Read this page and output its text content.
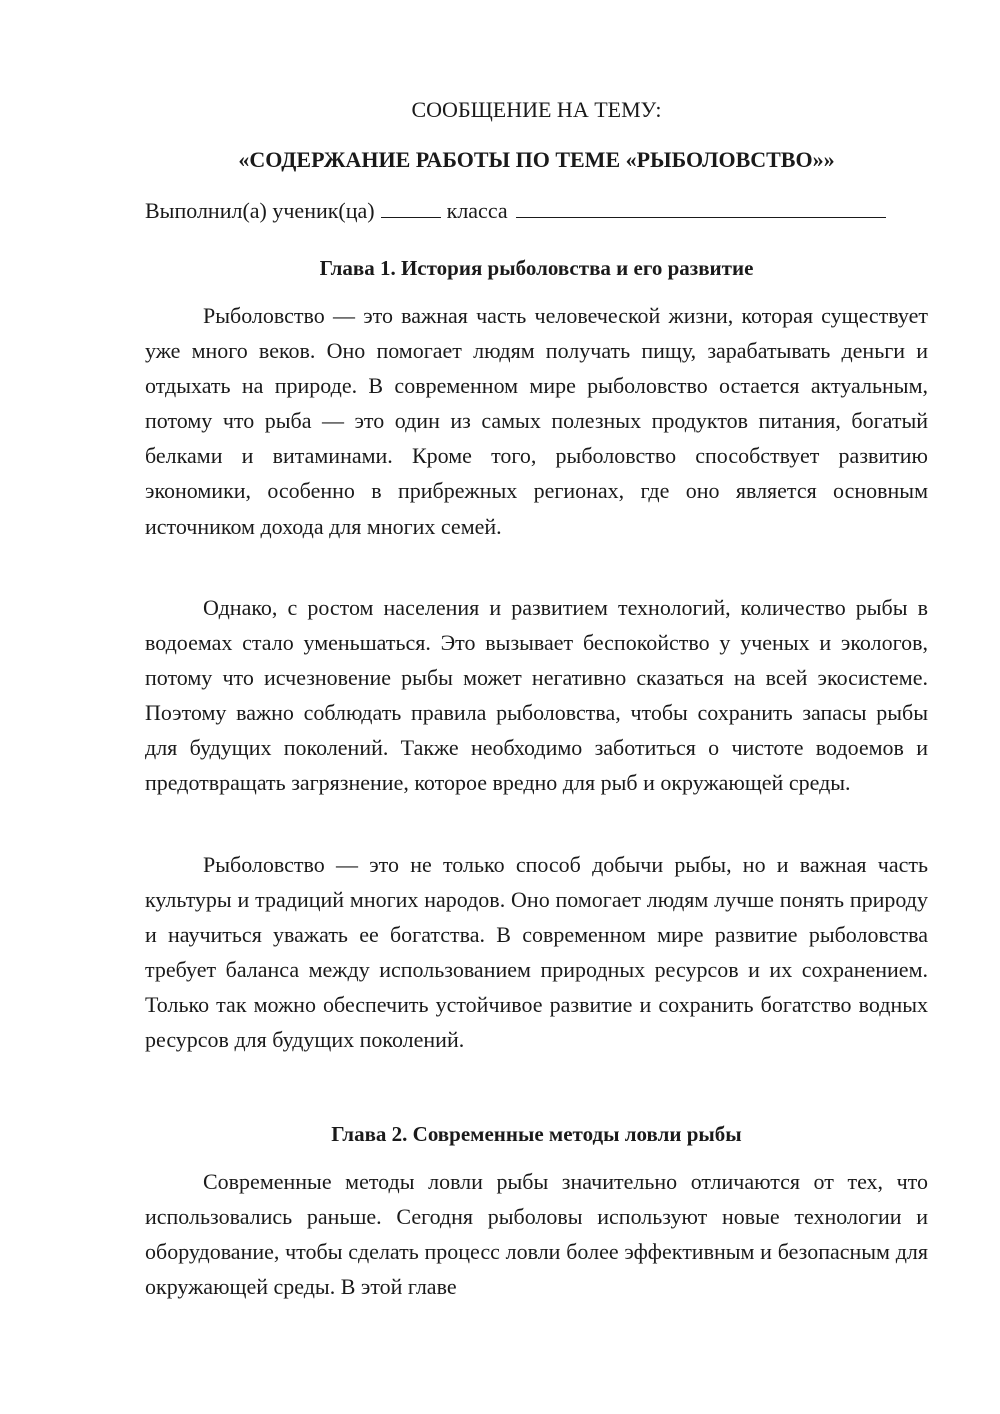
СООБЩЕНИЕ НА ТЕМУ:
«СОДЕРЖАНИЕ РАБОТЫ ПО ТЕМЕ «РЫБОЛОВСТВО»»
Выполнил(а) ученик(ца)	класса
Глава 1. История рыболовства и его развитие

Рыболовство — это важная часть человеческой жизни, которая существует уже много веков. Оно помогает людям получать пищу, зарабатывать деньги и отдыхать на природе. В современном мире рыболовство остается актуальным, потому что рыба — это один из самых полезных продуктов питания, богатый белками и витаминами. Кроме того, рыболовство способствует развитию экономики, особенно в прибрежных регионах, где оно является основным источником дохода для многих семей.

Однако, с ростом населения и развитием технологий, количество рыбы в водоемах стало уменьшаться. Это вызывает беспокойство у ученых и экологов, потому что исчезновение рыбы может негативно сказаться на всей экосистеме. Поэтому важно соблюдать правила рыболовства, чтобы сохранить запасы рыбы для будущих поколений. Также необходимо заботиться о чистоте водоемов и предотвращать загрязнение, которое вредно для рыб и окружающей среды.

Рыболовство — это не только способ добычи рыбы, но и важная часть культуры и традиций многих народов. Оно помогает людям лучше понять природу и научиться уважать ее богатства. В современном мире развитие рыболовства требует баланса между использованием природных ресурсов и их сохранением. Только так можно обеспечить устойчивое развитие и сохранить богатство водных ресурсов для будущих поколений.

Глава 2. Современные методы ловли рыбы

Современные методы ловли рыбы значительно отличаются от тех, что использовались раньше. Сегодня рыболовы используют новые технологии и оборудование, чтобы сделать процесс ловли более эффективным и безопасным для окружающей среды. В этой главе
